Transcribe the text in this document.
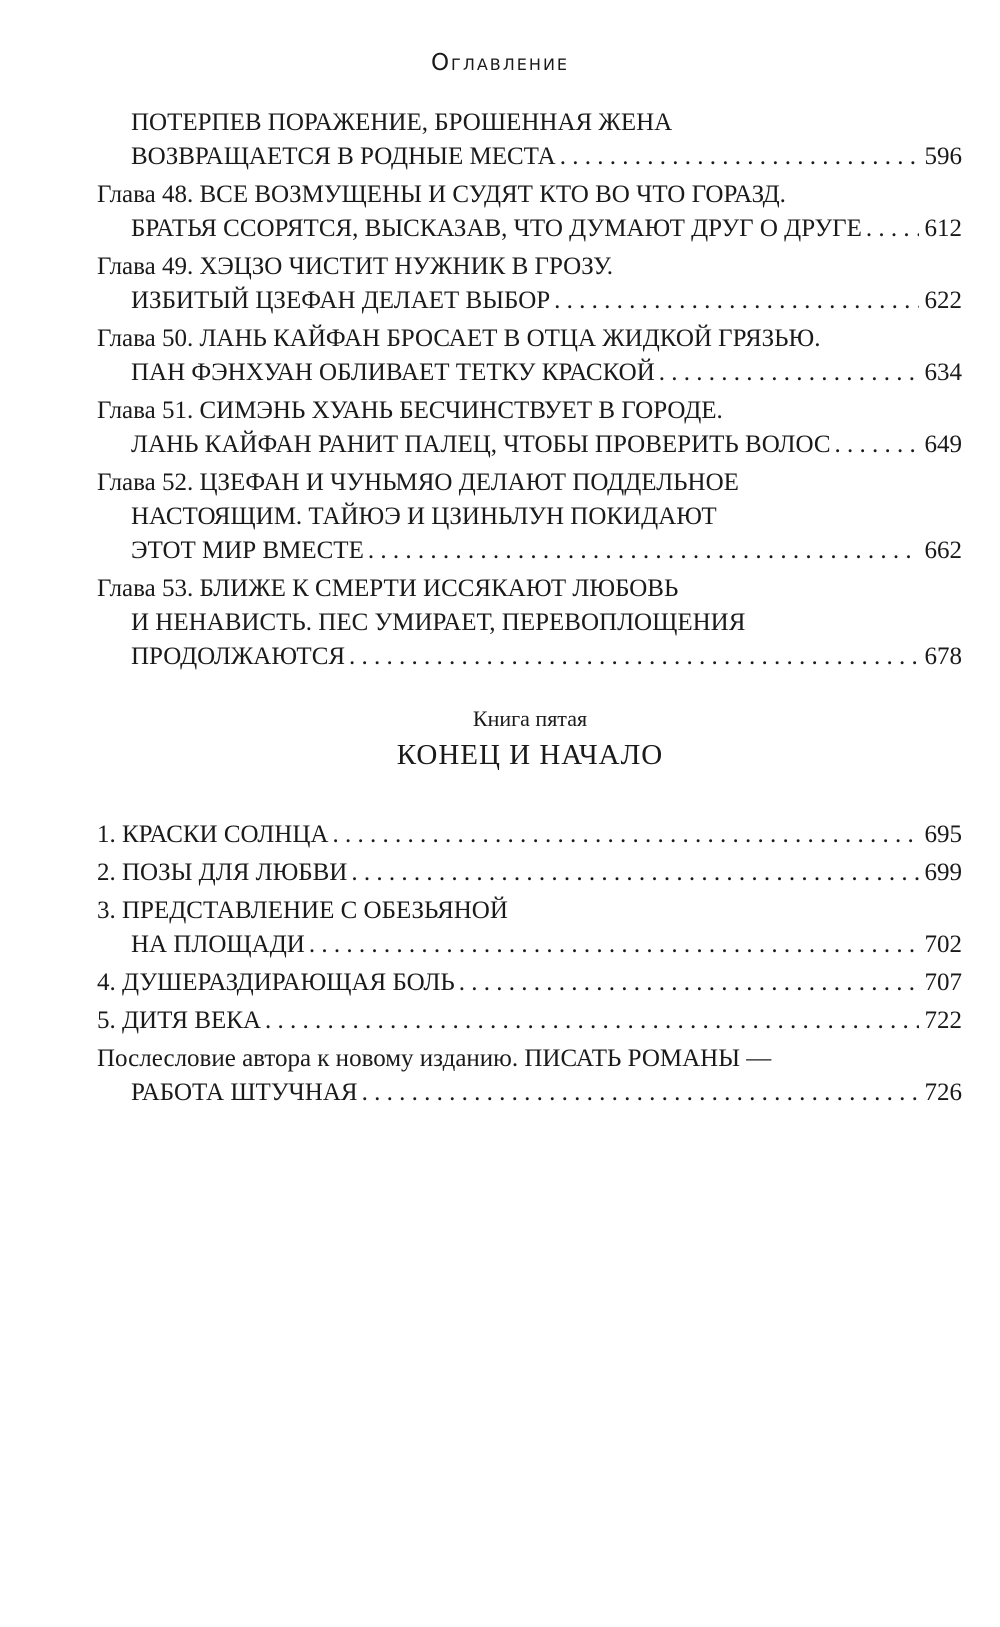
Оглавление
ПОТЕРПЕВ ПОРАЖЕНИЕ, БРОШЕННАЯ ЖЕНА
ВОЗВРАЩАЕТСЯ В РОДНЫЕ МЕСТА . . .	596
Глава 48. ВСЕ ВОЗМУЩЕНЫ И СУДЯТ КТО ВО ЧТО ГОРАЗД.
БРАТЬЯ ССОРЯТСЯ, ВЫСКАЗАВ, ЧТО ДУМАЮТ ДРУГ О ДРУГЕ . . .	612
Глава 49. ХЭЦЗО ЧИСТИТ НУЖНИК В ГРОЗУ.
ИЗБИТЫЙ ЦЗЕФАН ДЕЛАЕТ ВЫБОР . . .	622
Глава 50. ЛАНЬ КАЙФАН БРОСАЕТ В ОТЦА ЖИДКОЙ ГРЯЗЬЮ.
ПАН ФЭНХУАН ОБЛИВАЕТ ТЕТКУ КРАСКОЙ . . .	634
Глава 51. СИМЭНЬ ХУАНЬ БЕСЧИНСТВУЕТ В ГОРОДЕ.
ЛАНЬ КАЙФАН РАНИТ ПАЛЕЦ, ЧТОБЫ ПРОВЕРИТЬ ВОЛОС . . .	649
Глава 52. ЦЗЕФАН И ЧУНЬМЯО ДЕЛАЮТ ПОДДЕЛЬНОЕ
НАСТОЯЩИМ. ТАЙЮЭ И ЦЗИНЬЛУН ПОКИДАЮТ
ЭТОТ МИР ВМЕСТЕ . . .	662
Глава 53. БЛИЖЕ К СМЕРТИ ИССЯКАЮТ ЛЮБОВЬ
И НЕНАВИСТЬ. ПЕС УМИРАЕТ, ПЕРЕВОПЛОЩЕНИЯ
ПРОДОЛЖАЮТСЯ . . .	678
Книга пятая
КОНЕЦ И НАЧАЛО
1. КРАСКИ СОЛНЦА . . .	695
2. ПОЗЫ ДЛЯ ЛЮБВИ . . .	699
3. ПРЕДСТАВЛЕНИЕ С ОБЕЗЬЯНОЙ
НА ПЛОЩАДИ . . .	702
4. ДУШЕРАЗДИРАЮЩАЯ БОЛЬ . . .	707
5. ДИТЯ ВЕКА . . .	722
Послесловие автора к новому изданию. ПИСАТЬ РОМАНЫ —
РАБОТА ШТУЧНАЯ . . .	726
